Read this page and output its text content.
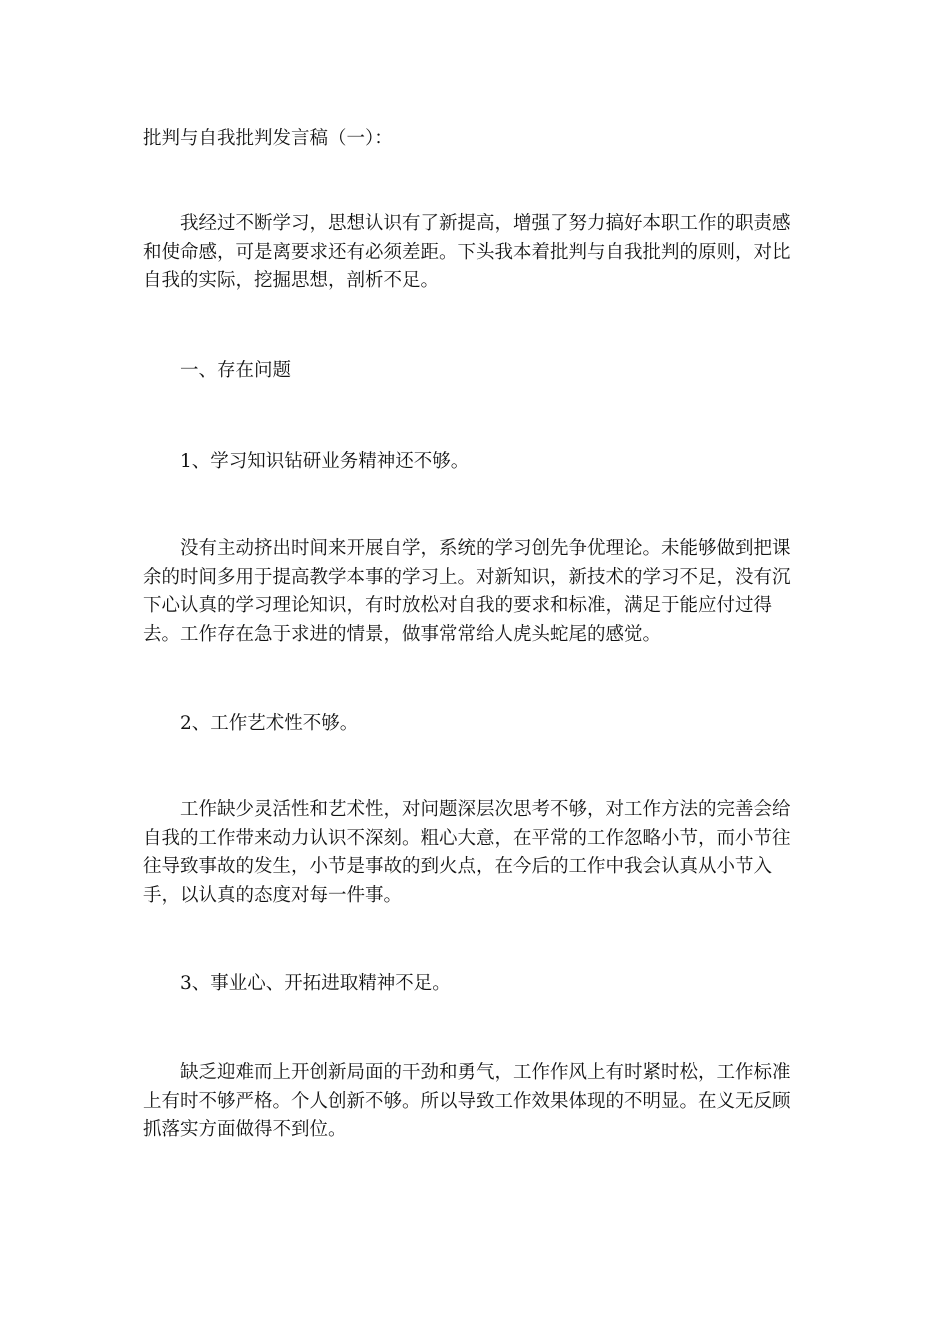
批判与自我批判发言稿（一）：

我经过不断学习，思想认识有了新提高，增强了努力搞好本职工作的职责感和使命感，可是离要求还有必须差距。下头我本着批判与自我批判的原则，对比自我的实际，挖掘思想，剖析不足。

一、存在问题

1、学习知识钻研业务精神还不够。

没有主动挤出时间来开展自学，系统的学习创先争优理论。未能够做到把课余的时间多用于提高教学本事的学习上。对新知识，新技术的学习不足，没有沉下心认真的学习理论知识，有时放松对自我的要求和标准，满足于能应付过得去。工作存在急于求进的情景，做事常常给人虎头蛇尾的感觉。

2、工作艺术性不够。

工作缺少灵活性和艺术性，对问题深层次思考不够，对工作方法的完善会给自我的工作带来动力认识不深刻。粗心大意，在平常的工作忽略小节，而小节往往导致事故的发生，小节是事故的到火点，在今后的工作中我会认真从小节入手，以认真的态度对每一件事。

3、事业心、开拓进取精神不足。

缺乏迎难而上开创新局面的干劲和勇气，工作作风上有时紧时松，工作标准上有时不够严格。个人创新不够。所以导致工作效果体现的不明显。在义无反顾抓落实方面做得不到位。
